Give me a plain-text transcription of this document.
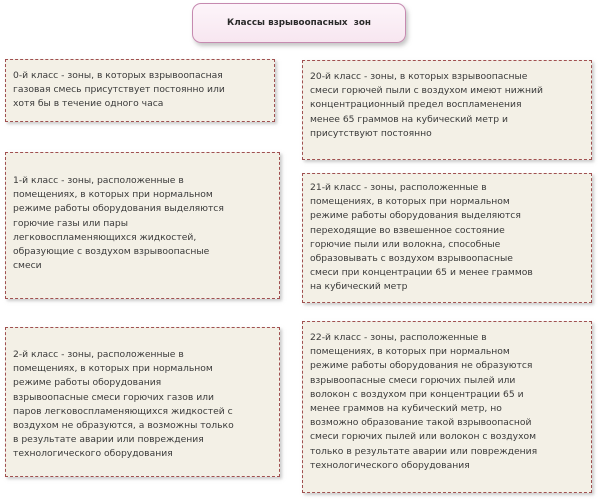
Классы взрывоопасных  зон
0-й класс - зоны, в которых взрывоопасная
газовая смесь присутствует постоянно или
хотя бы в течение одного часа
1-й класс - зоны, расположенные в
помещениях, в которых при нормальном
режиме работы оборудования выделяются
горючие газы или пары
легковоспламеняющихся жидкостей,
образующие с воздухом взрывоопасные
смеси
2-й класс - зоны, расположенные в
помещениях, в которых при нормальном
режиме работы оборудования
взрывоопасные смеси горючих газов или
паров легковоспламеняющихся жидкостей с
воздухом не образуются, а возможны только
в результате аварии или повреждения
технологического оборудования
20-й класс - зоны, в которых взрывоопасные
смеси горючей пыли с воздухом имеют нижний
концентрационный предел воспламенения
менее 65 граммов на кубический метр и
присутствуют постоянно
21-й класс - зоны, расположенные в
помещениях, в которых при нормальном
режиме работы оборудования выделяются
переходящие во взвешенное состояние
горючие пыли или волокна, способные
образовывать с воздухом взрывоопасные
смеси при концентрации 65 и менее граммов
на кубический метр
22-й класс - зоны, расположенные в
помещениях, в которых при нормальном
режиме работы оборудования не образуются
взрывоопасные смеси горючих пылей или
волокон с воздухом при концентрации 65 и
менее граммов на кубический метр, но
возможно образование такой взрывоопасной
смеси горючих пылей или волокон с воздухом
только в результате аварии или повреждения
технологического оборудования
